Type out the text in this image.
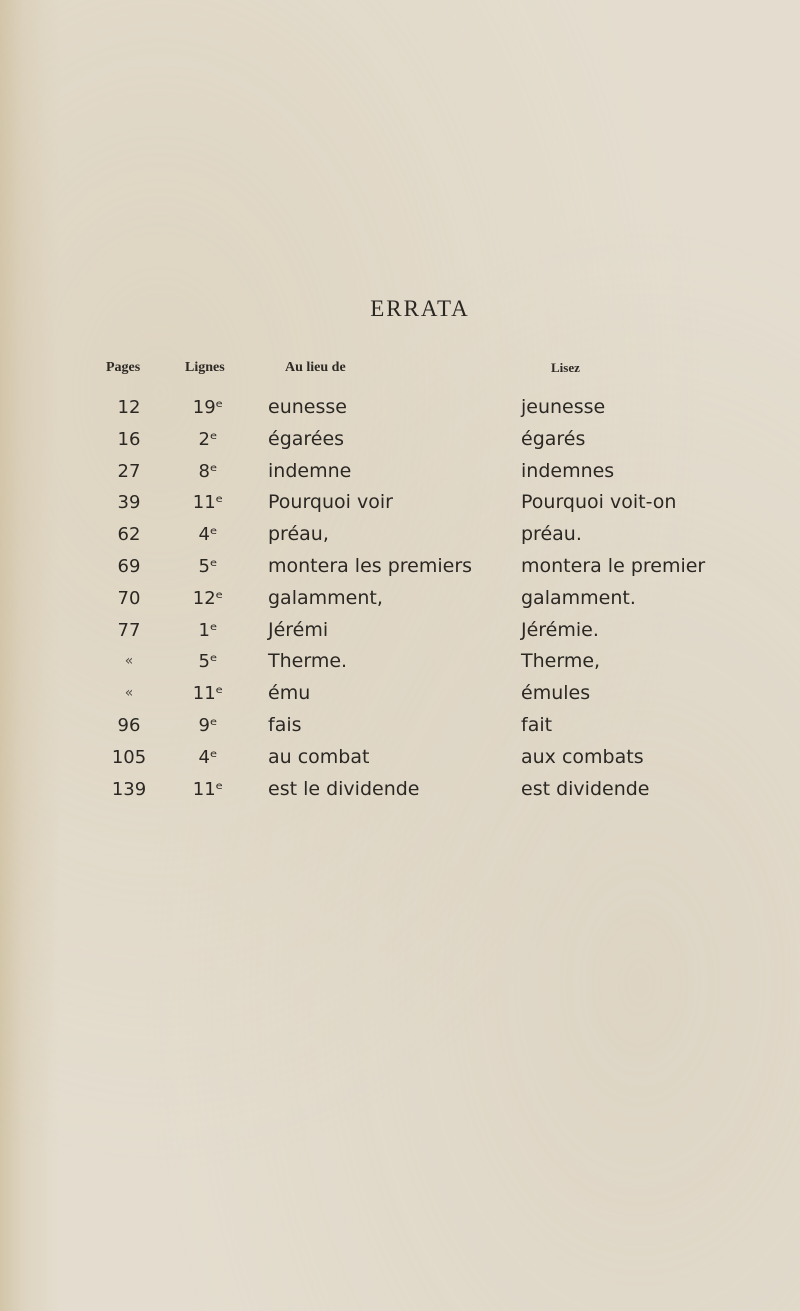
ERRATA
Pages	Lignes	Au lieu de	Lisez
12	19ᵉ	eunesse	jeunesse
16	2ᵉ	égarées	égarés
27	8ᵉ	indemne	indemnes
39	11ᵉ	Pourquoi voir	Pourquoi voit-on
62	4ᵉ	préau,	préau.
69	5ᵉ	montera les premiers	montera le premier
70	12ᵉ	galamment,	galamment.
77	1ᵉ	Jérémi	Jérémie.
«	5ᵉ	Therme.	Therme,
«	11ᵉ	ému	émules
96	9ᵉ	fais	fait
105	4ᵉ	au combat	aux combats
139	11ᵉ	est le dividende	est dividende
